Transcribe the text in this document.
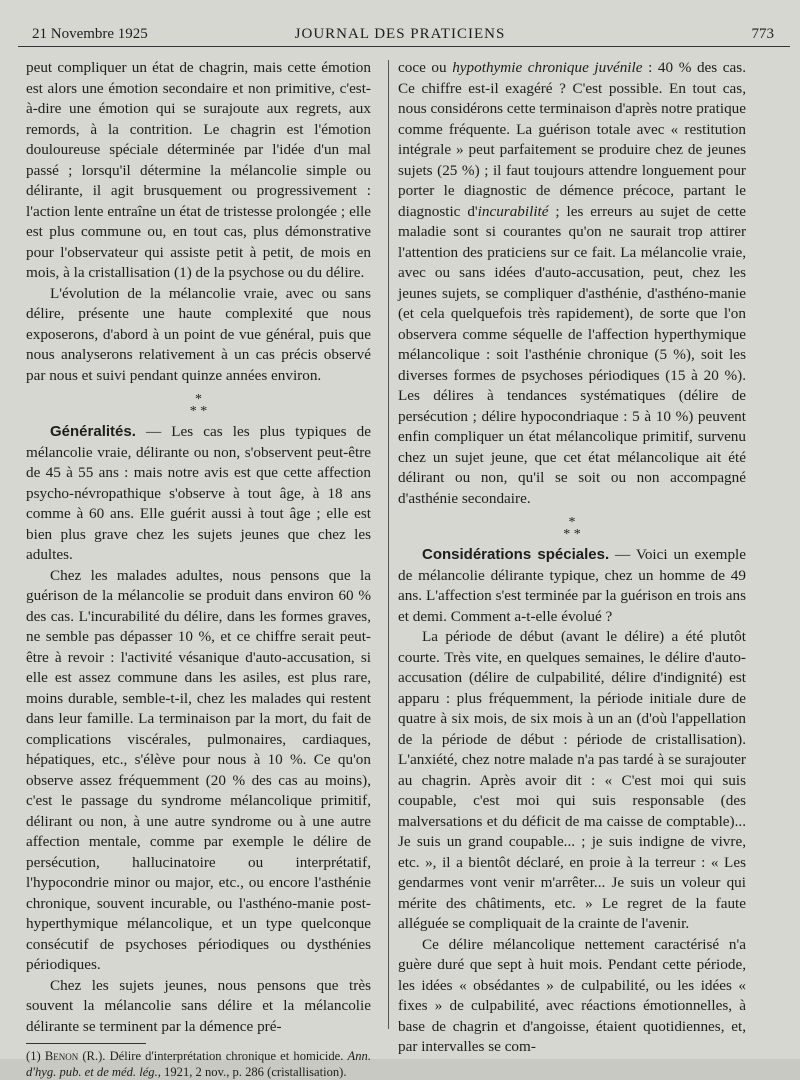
21 Novembre 1925	JOURNAL DES PRATICIENS	773

peut compliquer un état de chagrin, mais cette émotion est alors une émotion secondaire et non primitive, c'est-à-dire une émotion qui se surajoute aux regrets, aux remords, à la contrition. Le chagrin est l'émotion douloureuse spéciale déterminée par l'idée d'un mal passé ; lorsqu'il détermine la mélancolie simple ou délirante, il agit brusquement ou progressivement : l'action lente entraîne un état de tristesse prolongée ; elle est plus commune ou, en tout cas, plus démonstrative pour l'observateur qui assiste petit à petit, de mois en mois, à la cristallisation (1) de la psychose ou du délire.

L'évolution de la mélancolie vraie, avec ou sans délire, présente une haute complexité que nous exposerons, d'abord à un point de vue général, puis que nous analyserons relativement à un cas précis observé par nous et suivi pendant quinze années environ.

*
* *

Généralités. — Les cas les plus typiques de mélancolie vraie, délirante ou non, s'observent peut-être de 45 à 55 ans : mais notre avis est que cette affection psycho-névropathique s'observe à tout âge, à 18 ans comme à 60 ans. Elle guérit aussi à tout âge ; elle est bien plus grave chez les sujets jeunes que chez les adultes.

Chez les malades adultes, nous pensons que la guérison de la mélancolie se produit dans environ 60 % des cas. L'incurabilité du délire, dans les formes graves, ne semble pas dépasser 10 %, et ce chiffre serait peut-être à revoir : l'activité vésanique d'auto-accusation, si elle est assez commune dans les asiles, est plus rare, moins durable, semble-t-il, chez les malades qui restent dans leur famille. La terminaison par la mort, du fait de complications viscérales, pulmonaires, cardiaques, hépatiques, etc., s'élève pour nous à 10 %. Ce qu'on observe assez fréquemment (20 % des cas au moins), c'est le passage du syndrome mélancolique primitif, délirant ou non, à une autre syndrome ou à une autre affection mentale, comme par exemple le délire de persécution, hallucinatoire ou interprétatif, l'hypocondrie minor ou major, etc., ou encore l'asthénie chronique, souvent incurable, ou l'asthéno-manie post-hyperthymique mélancolique, et un type quelconque consécutif de psychoses périodiques ou dysthénies périodiques.

Chez les sujets jeunes, nous pensons que très souvent la mélancolie sans délire et la mélancolie délirante se terminent par la démence pré-

(1) Benon (R.). Délire d'interprétation chronique et homicide. Ann. d'hyg. pub. et de méd. lég., 1921, 2 nov., p. 286 (cristallisation).

coce ou hypothymie chronique juvénile : 40 % des cas. Ce chiffre est-il exagéré ? C'est possible. En tout cas, nous considérons cette terminaison d'après notre pratique comme fréquente. La guérison totale avec « restitution intégrale » peut parfaitement se produire chez de jeunes sujets (25 %) ; il faut toujours attendre longuement pour porter le diagnostic de démence précoce, partant le diagnostic d'incurabilité ; les erreurs au sujet de cette maladie sont si courantes qu'on ne saurait trop attirer l'attention des praticiens sur ce fait. La mélancolie vraie, avec ou sans idées d'auto-accusation, peut, chez les jeunes sujets, se compliquer d'asthénie, d'asthéno-manie (et cela quelquefois très rapidement), de sorte que l'on observera comme séquelle de l'affection hyperthymique mélancolique : soit l'asthénie chronique (5 %), soit les diverses formes de psychoses périodiques (15 à 20 %). Les délires à tendances systématiques (délire de persécution ; délire hypocondriaque : 5 à 10 %) peuvent enfin compliquer un état mélancolique primitif, survenu chez un sujet jeune, que cet état mélancolique ait été délirant ou non, qu'il se soit ou non accompagné d'asthénie secondaire.

*
* *

Considérations spéciales. — Voici un exemple de mélancolie délirante typique, chez un homme de 49 ans. L'affection s'est terminée par la guérison en trois ans et demi. Comment a-t-elle évolué ?

La période de début (avant le délire) a été plutôt courte. Très vite, en quelques semaines, le délire d'auto-accusation (délire de culpabilité, délire d'indignité) est apparu : plus fréquemment, la période initiale dure de quatre à six mois, de six mois à un an (d'où l'appellation de la période de début : période de cristallisation). L'anxiété, chez notre malade n'a pas tardé à se surajouter au chagrin. Après avoir dit : « C'est moi qui suis coupable, c'est moi qui suis responsable (des malversations et du déficit de ma caisse de comptable)... Je suis un grand coupable... ; je suis indigne de vivre, etc. », il a bientôt déclaré, en proie à la terreur : « Les gendarmes vont venir m'arrêter... Je suis un voleur qui mérite des châtiments, etc. » Le regret de la faute alléguée se compliquait de la crainte de l'avenir.

Ce délire mélancolique nettement caractérisé n'a guère duré que sept à huit mois. Pendant cette période, les idées « obsédantes » de culpabilité, ou les idées « fixes » de culpabilité, avec réactions émotionnelles, à base de chagrin et d'angoisse, étaient quotidiennes, et, par intervalles se com-
